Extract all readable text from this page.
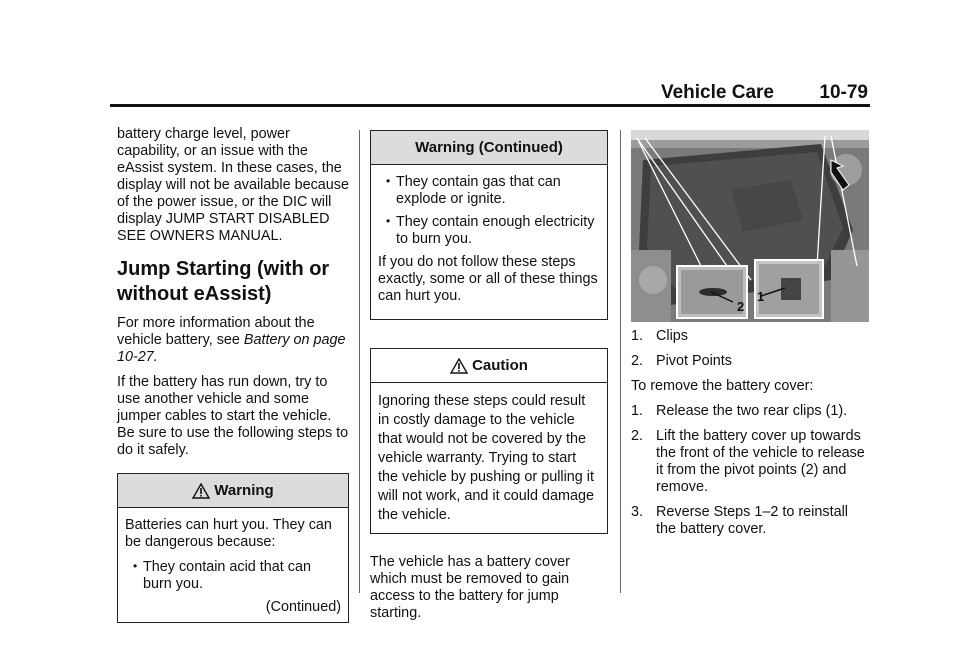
Vehicle Care 10-79

battery charge level, power capability, or an issue with the eAssist system. In these cases, the display will not be available because of the power issue, or the DIC will display JUMP START DISABLED SEE OWNERS MANUAL.

Jump Starting (with or without eAssist)

For more information about the vehicle battery, see Battery on page 10-27.

If the battery has run down, try to use another vehicle and some jumper cables to start the vehicle. Be sure to use the following steps to do it safely.

Warning

Batteries can hurt you. They can be dangerous because:

• They contain acid that can burn you.

(Continued)

Warning (Continued)
• They contain gas that can explode or ignite.
• They contain enough electricity to burn you.

If you do not follow these steps exactly, some or all of these things can hurt you.

Caution

Ignoring these steps could result in costly damage to the vehicle that would not be covered by the vehicle warranty. Trying to start the vehicle by pushing or pulling it will not work, and it could damage the vehicle.

The vehicle has a battery cover which must be removed to gain access to the battery for jump starting.

2
1
1. Clips
2. Pivot Points

To remove the battery cover:

1. Release the two rear clips (1).
2. Lift the battery cover up towards the front of the vehicle to release it from the pivot points (2) and remove.
3. Reverse Steps 1–2 to reinstall the battery cover.
